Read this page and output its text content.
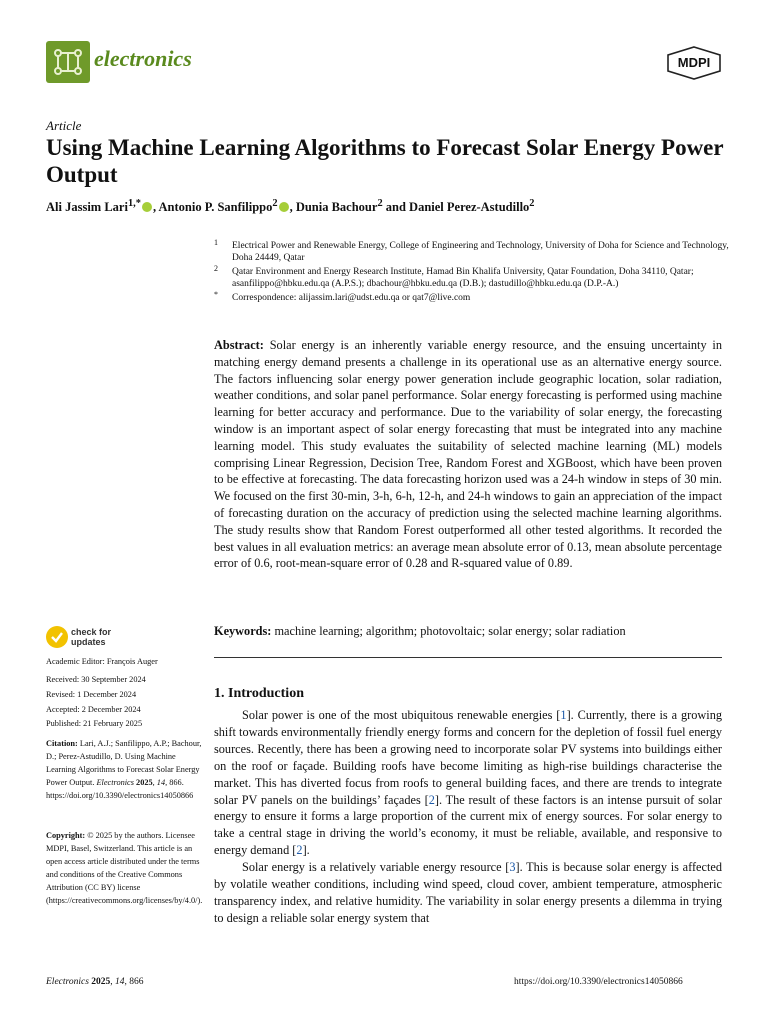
electronics	MDPI
Article
Using Machine Learning Algorithms to Forecast Solar Energy Power Output
Ali Jassim Lari$^{1,*}$ , Antonio P. Sanfilippo$^2$ , Dunia Bachour$^2$ and Daniel Perez-Astudillo$^2$
1 Electrical Power and Renewable Energy, College of Engineering and Technology, University of Doha for Science and Technology, Doha 24449, Qatar
2 Qatar Environment and Energy Research Institute, Hamad Bin Khalifa University, Qatar Foundation, Doha 34110, Qatar; asanfilippo@hbku.edu.qa (A.P.S.); dbachour@hbku.edu.qa (D.B.); dastudillo@hbku.edu.qa (D.P.-A.)
* Correspondence: alijassim.lari@udst.edu.qa or qat7@live.com
Abstract: Solar energy is an inherently variable energy resource, and the ensuing uncertainty in matching energy demand presents a challenge in its operational use as an alternative energy source. The factors influencing solar energy power generation include geographic location, solar radiation, weather conditions, and solar panel performance. Solar energy forecasting is performed using machine learning for better accuracy and performance. Due to the variability of solar energy, the forecasting window is an important aspect of solar energy forecasting that must be integrated into any machine learning model. This study evaluates the suitability of selected machine learning (ML) models comprising Linear Regression, Decision Tree, Random Forest and XGBoost, which have been proven to be effective at forecasting. The data forecasting horizon used was a 24-h window in steps of 30 min. We focused on the first 30-min, 3-h, 6-h, 12-h, and 24-h windows to gain an appreciation of the impact of forecasting duration on the accuracy of prediction using the selected machine learning algorithms. The study results show that Random Forest outperformed all other tested algorithms. It recorded the best values in all evaluation metrics: an average mean absolute error of 0.13, mean absolute percentage error of 0.6, root-mean-square error of 0.28 and R-squared value of 0.89.
Keywords: machine learning; algorithm; photovoltaic; solar energy; solar radiation
1. Introduction

Solar power is one of the most ubiquitous renewable energies [1]. Currently, there is a growing shift towards environmentally friendly energy forms and concern for the depletion of fossil fuel energy sources. Recently, there has been a growing need to incorporate solar PV systems into buildings either on the roof or façade. Building roofs have become limiting as high-rise buildings characterise the market. This has diverted focus from roofs to general building faces, and there are trends to integrate solar PV panels on the buildings’ façades [2]. The result of these factors is an intense pursuit of solar energy to ensure it forms a large proportion of the current mix of energy sources. For solar energy to take a central stage in driving the world’s economy, it must be reliable, available, and responsive to energy demand [2].

Solar energy is a relatively variable energy resource [3]. This is because solar energy is affected by volatile weather conditions, including wind speed, cloud cover, ambient temperature, atmospheric transparency index, and relative humidity. The variability in solar energy presents a dilemma in trying to design a reliable solar energy system that

check for
updates
Academic Editor: François Auger
Received: 30 September 2024
Revised: 1 December 2024
Accepted: 2 December 2024
Published: 21 February 2025
Citation: Lari, A.J.; Sanfilippo, A.P.; Bachour, D.; Perez-Astudillo, D. Using Machine Learning Algorithms to Forecast Solar Energy Power Output. Electronics 2025, 14, 866. https://doi.org/10.3390/electronics14050866
Copyright: © 2025 by the authors. Licensee MDPI, Basel, Switzerland. This article is an open access article distributed under the terms and conditions of the Creative Commons Attribution (CC BY) license (https://creativecommons.org/licenses/by/4.0/).
Electronics 2025, 14, 866	https://doi.org/10.3390/electronics14050866
